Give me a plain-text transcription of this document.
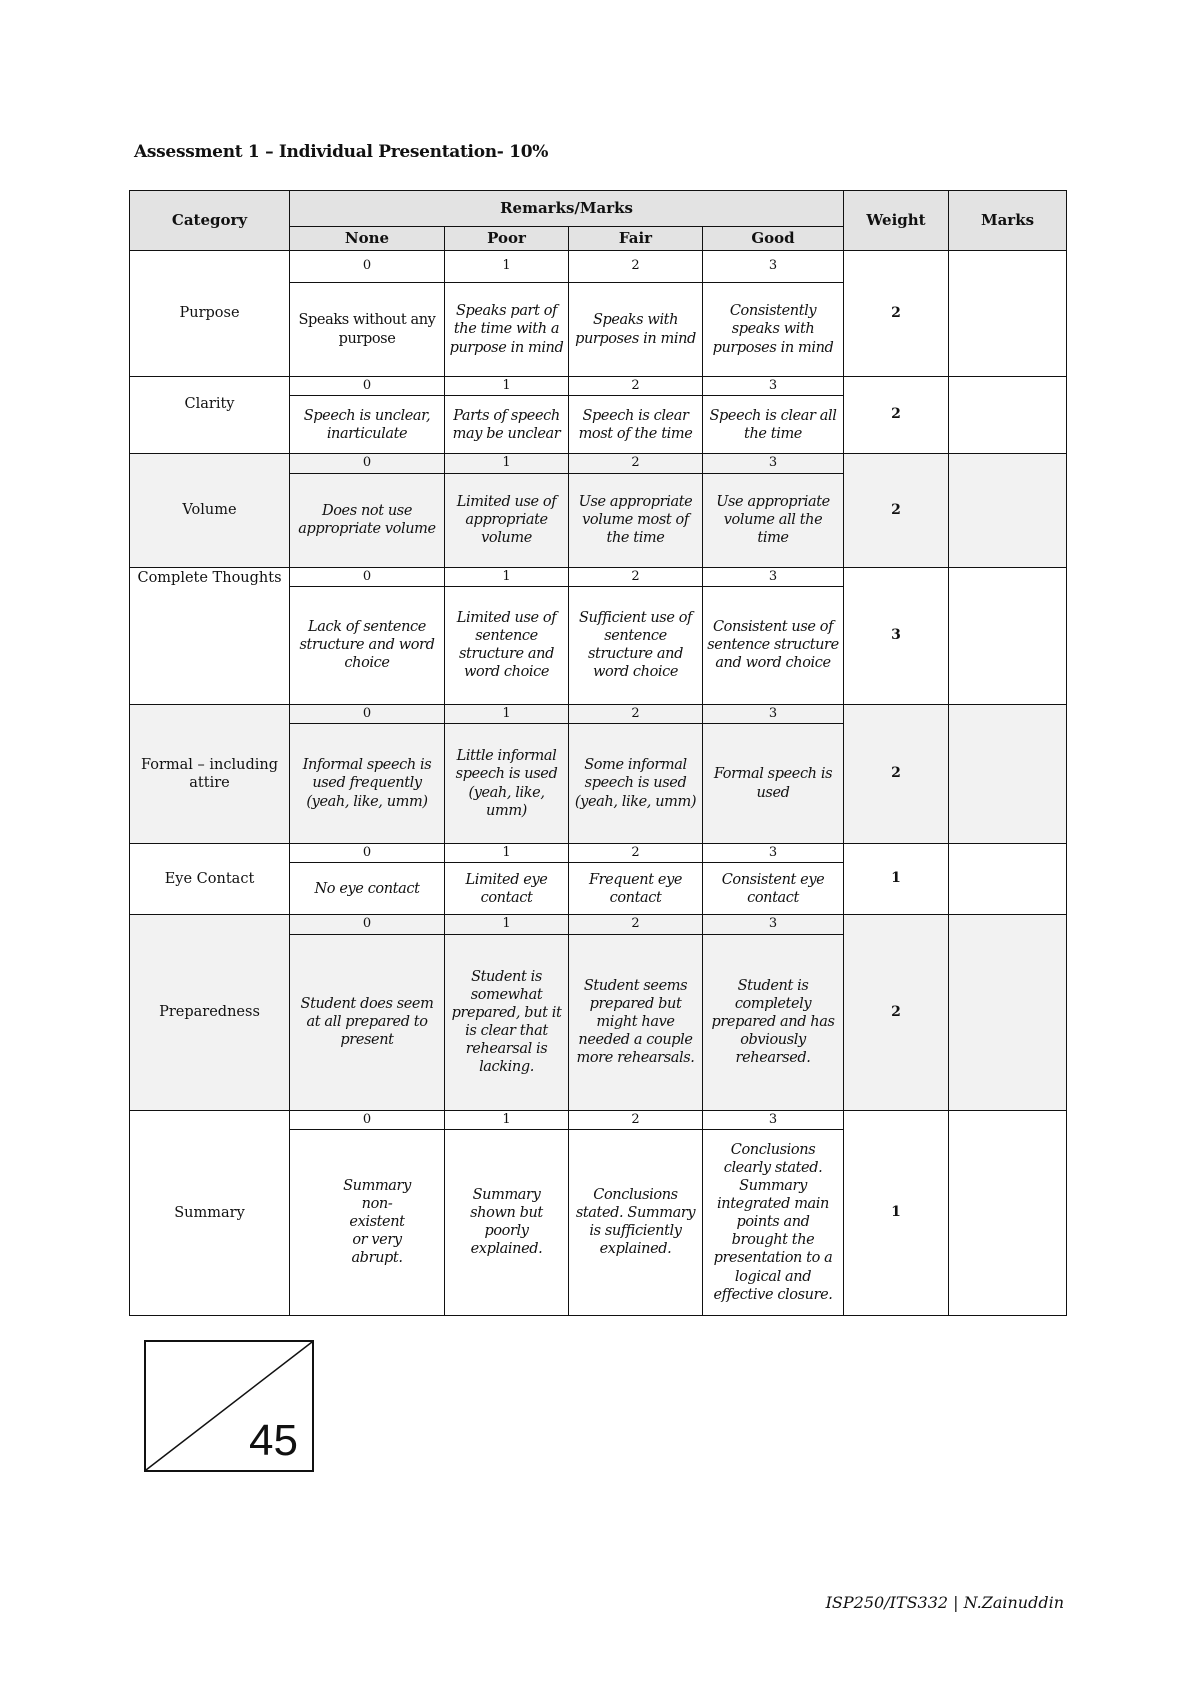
Assessment 1 – Individual Presentation- 10%
Category	Remarks/Marks				Weight	Marks
	None	Poor	Fair	Good		
Purpose	0	1	2	3	2	
	Speaks without any purpose	Speaks part of the time with a purpose in mind	Speaks with purposes in mind	Consistently speaks with purposes in mind		
Clarity	0	1	2	3	2	
	Speech is unclear, inarticulate	Parts of speech may be unclear	Speech is clear most of the time	Speech is clear all the time		
Volume	0	1	2	3	2	
	Does not use appropriate volume	Limited use of appropriate volume	Use appropriate volume most of the time	Use appropriate volume all the time		
Complete Thoughts	0	1	2	3	3	
	Lack of sentence structure and word choice	Limited use of sentence structure and word choice	Sufficient use of sentence structure and word choice	Consistent use of sentence structure and word choice		
Formal – including attire	0	1	2	3	2	
	Informal speech is used frequently (yeah, like, umm)	Little informal speech is used (yeah, like, umm)	Some informal speech is used (yeah, like, umm)	Formal speech is used		
Eye Contact	0	1	2	3	1	
	No eye contact	Limited eye contact	Frequent eye contact	Consistent eye contact		
Preparedness	0	1	2	3	2	
	Student does seem at all prepared to present	Student is somewhat prepared, but it is clear that rehearsal is lacking.	Student seems prepared but might have needed a couple more rehearsals.	Student is completely prepared and has obviously rehearsed.		
Summary	0	1	2	3	1	
	Summary non-existent or very abrupt.	Summary shown but poorly explained.	Conclusions stated. Summary is sufficiently explained.	Conclusions clearly stated. Summary integrated main points and brought the presentation to a logical and effective closure.		
45
ISP250/ITS332 | N.Zainuddin
